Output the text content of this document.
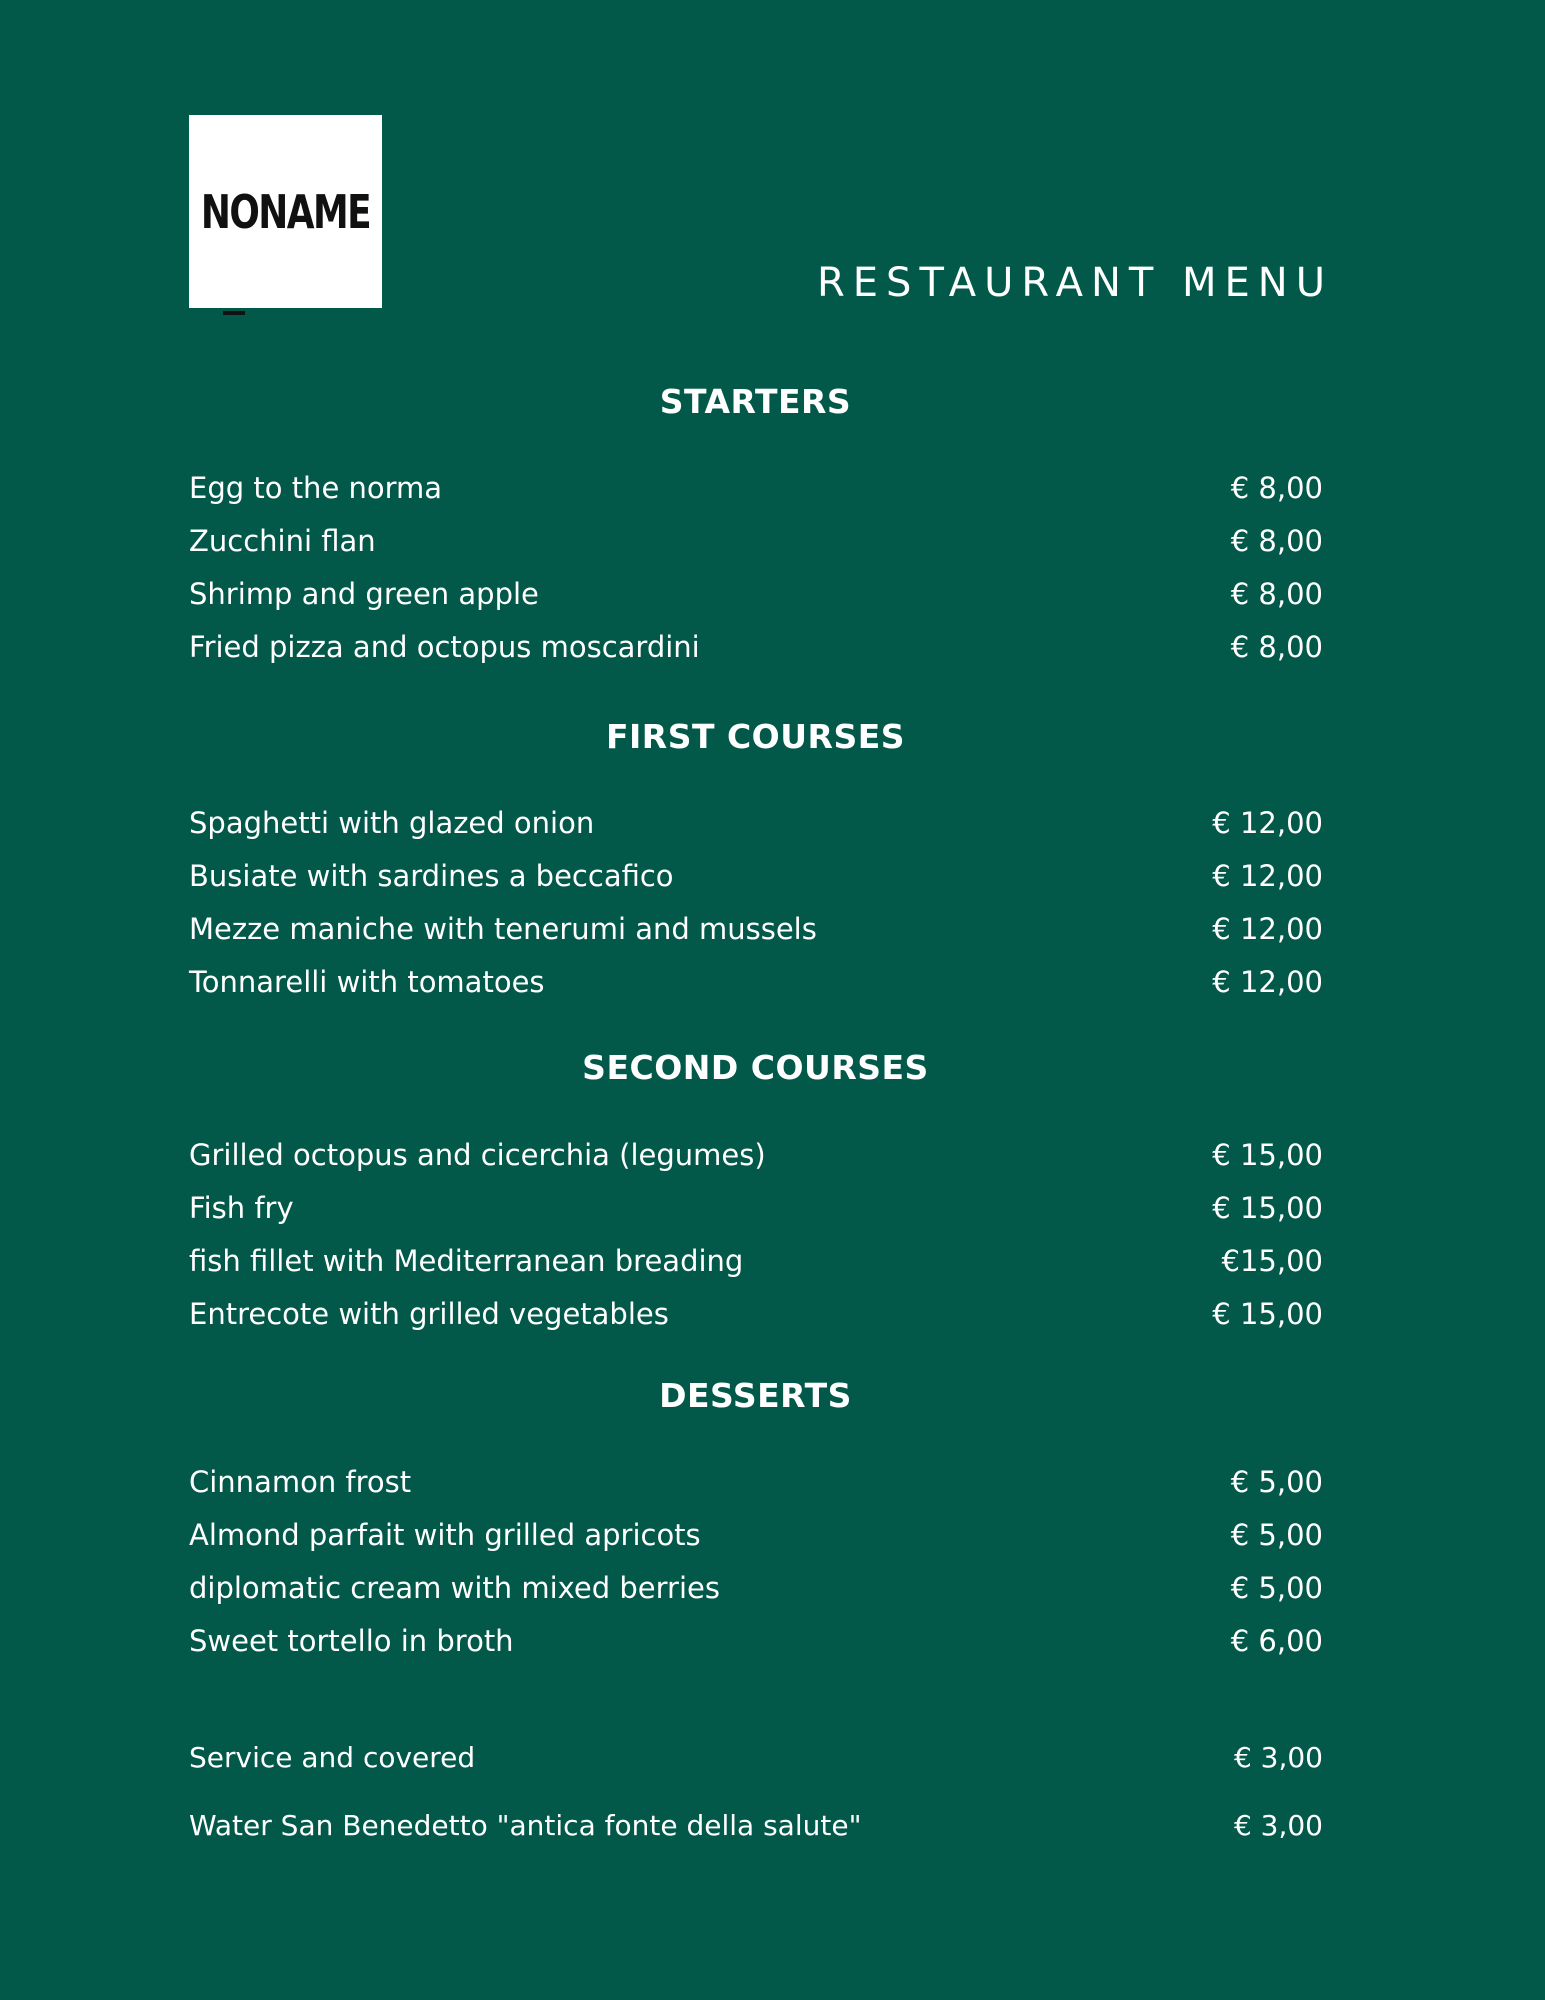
NONAME
RESTAURANT MENU
STARTERS
Egg to the norma	€ 8,00
Zucchini flan	€ 8,00
Shrimp and green apple	€ 8,00
Fried pizza and octopus moscardini	€ 8,00
FIRST COURSES
Spaghetti with glazed onion	€ 12,00
Busiate with sardines a beccafico	€ 12,00
Mezze maniche with tenerumi and mussels	€ 12,00
Tonnarelli with tomatoes	€ 12,00
SECOND COURSES
Grilled octopus and cicerchia (legumes)	€ 15,00
Fish fry	€ 15,00
fish fillet with Mediterranean breading	€15,00
Entrecote with grilled vegetables	€ 15,00
DESSERTS
Cinnamon frost	€ 5,00
Almond parfait with grilled apricots	€ 5,00
diplomatic cream with mixed berries	€ 5,00
Sweet tortello in broth	€ 6,00
Service and covered	€ 3,00
Water San Benedetto "antica fonte della salute"	€ 3,00
